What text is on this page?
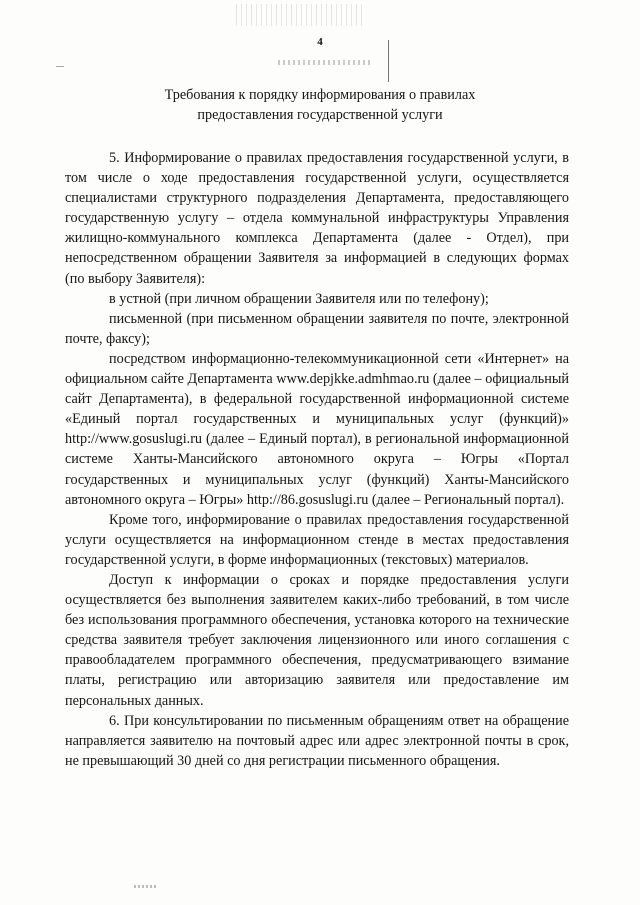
4
Требования к порядку информирования о правилах
предоставления государственной услуги

5. Информирование о правилах предоставления государственной услуги, в том числе о ходе предоставления государственной услуги, осуществляется специалистами структурного подразделения Департамента, предоставляющего государственную услугу – отдела коммунальной инфраструктуры Управления жилищно-коммунального комплекса Департамента (далее - Отдел), при непосредственном обращении Заявителя за информацией в следующих формах (по выбору Заявителя):

в устной (при личном обращении Заявителя или по телефону);

письменной (при письменном обращении заявителя по почте, электронной почте, факсу);

посредством информационно-телекоммуникационной сети «Интернет» на официальном сайте Департамента www.depjkke.admhmao.ru (далее – официальный сайт Департамента), в федеральной государственной информационной системе «Единый портал государственных и муниципальных услуг (функций)» http://www.gosuslugi.ru (далее – Единый портал), в региональной информационной системе Ханты-Мансийского автономного округа – Югры «Портал государственных и муниципальных услуг (функций) Ханты-Мансийского автономного округа – Югры» http://86.gosuslugi.ru (далее – Региональный портал).

Кроме того, информирование о правилах предоставления государственной услуги осуществляется на информационном стенде в местах предоставления государственной услуги, в форме информационных (текстовых) материалов.

Доступ к информации о сроках и порядке предоставления услуги осуществляется без выполнения заявителем каких-либо требований, в том числе без использования программного обеспечения, установка которого на технические средства заявителя требует заключения лицензионного или иного соглашения с правообладателем программного обеспечения, предусматривающего взимание платы, регистрацию или авторизацию заявителя или предоставление им персональных данных.

6. При консультировании по письменным обращениям ответ на обращение направляется заявителю на почтовый адрес или адрес электронной почты в срок, не превышающий 30 дней со дня регистрации письменного обращения.
